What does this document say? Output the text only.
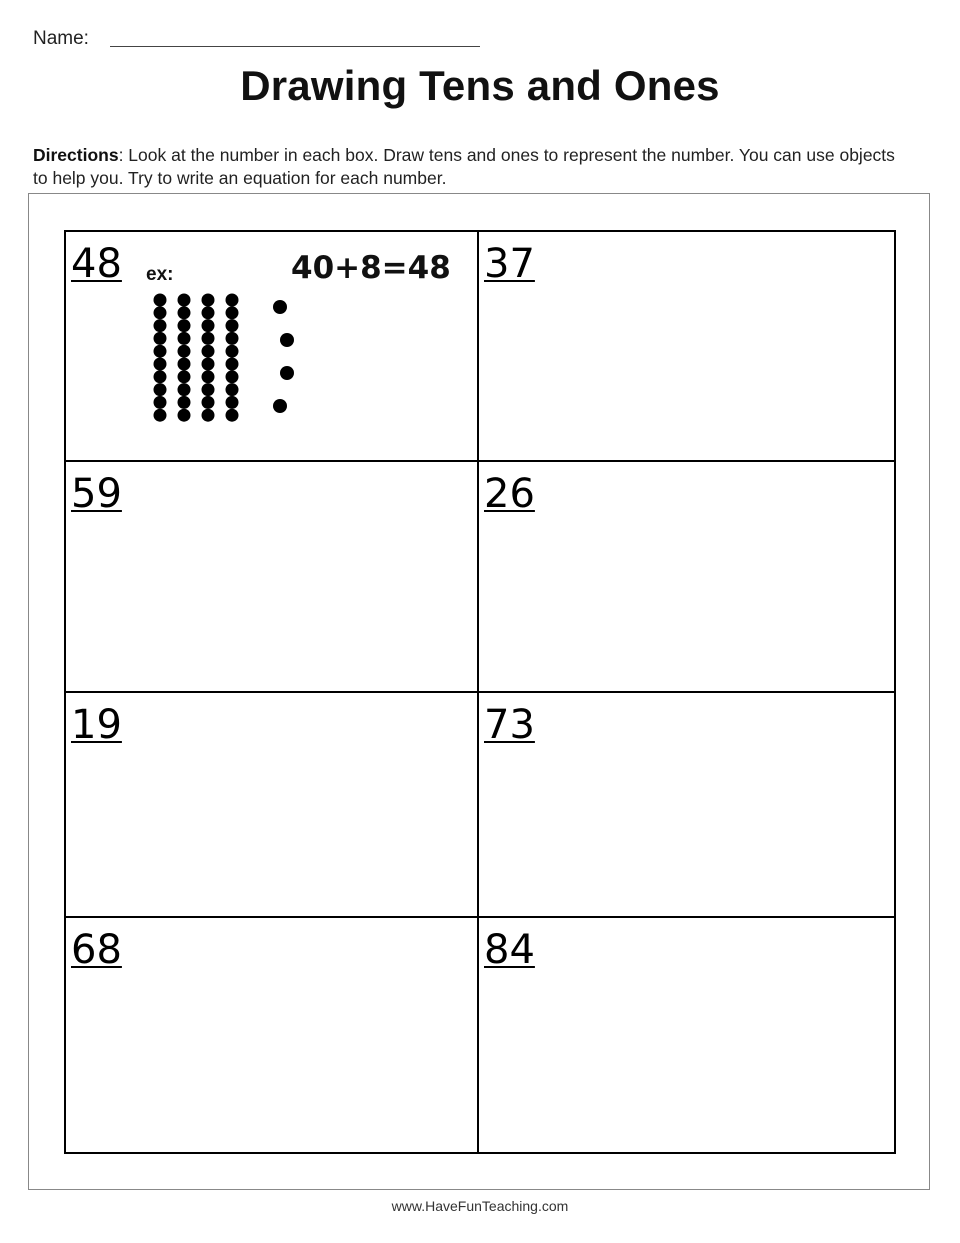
Name:
Drawing Tens and Ones
Directions: Look at the number in each box. Draw tens and ones to represent the number. You can use objects to help you. Try to write an equation for each number.
48 ex:	40+8=48 37
59	26
19	73
68	84
www.HaveFunTeaching.com
